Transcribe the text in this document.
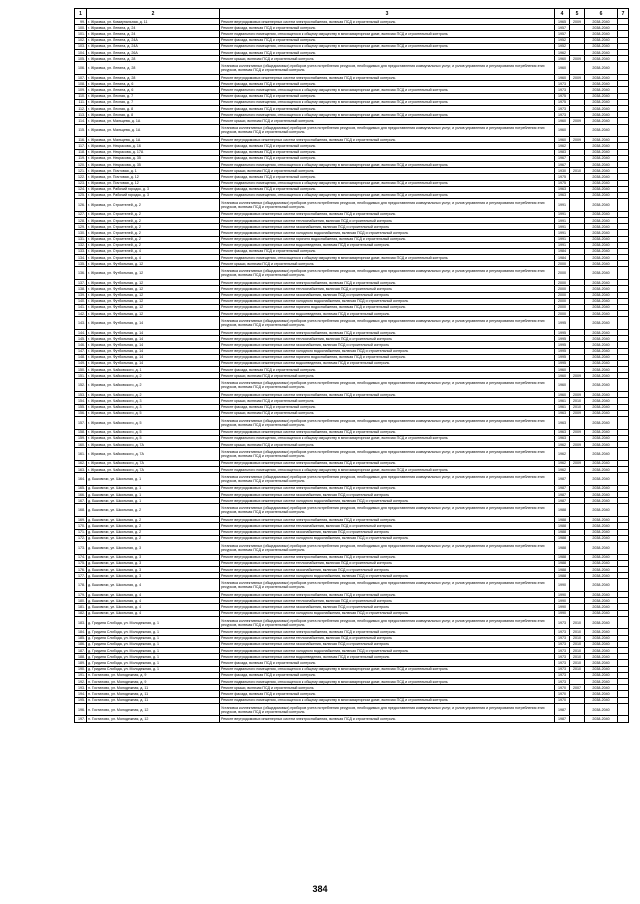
1	2	3	4	5	6	7
99.	г. Жуковка, ул. Коммунальная, д. 11	Ремонт внутридомовых инженерных систем электроснабжения, включая ПСД и строительный контроль	1965	2009	2038-2040	
100.	г. Жуковка, ул. Ленина, д. 24	Ремонт фасада, включая ПСД и строительный контроль	1957		2038-2040	
101.	г. Жуковка, ул. Ленина, д. 24	Ремонт подвального помещения, относящегося к общему имуществу в многоквартирном доме, включая ПСД и строительный контроль	1957		2038-2040	
102.	г. Жуковка, ул. Ленина, д. 24А	Ремонт фасада, включая ПСД и строительный контроль	1952		2038-2040	
103.	г. Жуковка, ул. Ленина, д. 24А	Ремонт подвального помещения, относящегося к общему имуществу в многоквартирном доме, включая ПСД и строительный контроль	1952		2038-2040	
104.	г. Жуковка, ул. Ленина, д. 26А	Ремонт фасада, включая ПСД и строительный контроль	1962		2038-2040	
105.	г. Жуковка, ул. Ленина, д. 28	Ремонт крыши, включая ПСД и строительный контроль	1960	2009	2038-2040	
106.	г. Жуковка, ул. Ленина, д. 28	Установка коллективных (общедомовых) приборов учета потребления ресурсов, необходимых для предоставления коммунальных услуг, и узлов управления и регулирования потребления этих ресурсов, включая ПСД и строительный контроль	1960		2038-2040	
107.	г. Жуковка, ул. Ленина, д. 28	Ремонт внутридомовых инженерных систем электроснабжения, включая ПСД и строительный контроль	1960	2009	2038-2040	
108.	г. Жуковка, ул. Ленина, д. 6	Ремонт фасада, включая ПСД и строительный контроль	1973		2038-2040	
109.	г. Жуковка, ул. Ленина, д. 6	Ремонт подвального помещения, относящегося к общему имуществу в многоквартирном доме, включая ПСД и строительный контроль	1973		2038-2040	
110.	г. Жуковка, ул. Лесная, д. 7	Ремонт фасада, включая ПСД и строительный контроль	1975		2038-2040	
111.	г. Жуковка, ул. Лесная, д. 7	Ремонт подвального помещения, относящегося к общему имуществу в многоквартирном доме, включая ПСД и строительный контроль	1975		2038-2040	
112.	г. Жуковка, ул. Лесная, д. 8	Ремонт фасада, включая ПСД и строительный контроль	1973		2038-2040	
113.	г. Жуковка, ул. Лесная, д. 8	Ремонт подвального помещения, относящегося к общему имуществу в многоквартирном доме, включая ПСД и строительный контроль	1973		2038-2040	
114.	г. Жуковка, ул. Мальцева, д. 1А	Ремонт крыши, включая ПСД и строительный контроль	1960	2009	2038-2040	
115.	г. Жуковка, ул. Мальцева, д. 1А	Установка коллективных (общедомовых) приборов учета потребления ресурсов, необходимых для предоставления коммунальных услуг, и узлов управления и регулирования потребления этих ресурсов, включая ПСД и строительный контроль	1960		2038-2040	
116.	г. Жуковка, ул. Мальцева, д. 1А	Ремонт внутридомовых инженерных систем электроснабжения, включая ПСД и строительный контроль	1960	2009	2038-2040	
117.	г. Жуковка, ул. Некрасова, д. 16	Ремонт фасада, включая ПСД и строительный контроль	1962		2038-2040	
118.	г. Жуковка, ул. Некрасова, д. 17А	Ремонт фасада, включая ПСД и строительный контроль	1983		2038-2040	
119.	г. Жуковка, ул. Некрасова, д. 35	Ремонт фасада, включая ПСД и строительный контроль	1967		2038-2040	
120.	г. Жуковка, ул. Некрасова, д. 35	Ремонт подвального помещения, относящегося к общему имуществу в многоквартирном доме, включая ПСД и строительный контроль	1967		2038-2040	
121.	г. Жуковка, ул. Почтовая, д. 1	Ремонт крыши, включая ПСД и строительный контроль	1930	2010	2038-2040	
122.	г. Жуковка, ул. Почтовая, д. 12	Ремонт фасада, включая ПСД и строительный контроль	1975		2038-2040	
123.	г. Жуковка, ул. Почтовая, д. 12	Ремонт подвального помещения, относящегося к общему имуществу в многоквартирном доме, включая ПСД и строительный контроль	1975		2038-2040	
124.	г. Жуковка, ул. Рабочий городок, д. 3	Ремонт фасада, включая ПСД и строительный контроль	1963		2038-2040	
125.	г. Жуковка, ул. Рабочий городок, д. 3	Ремонт подвального помещения, относящегося к общему имуществу в многоквартирном доме, включая ПСД и строительный контроль	1963		2038-2040	
126.	г. Жуковка, ул. Строителей, д. 2	Установка коллективных (общедомовых) приборов учета потребления ресурсов, необходимых для предоставления коммунальных услуг, и узлов управления и регулирования потребления этих ресурсов, включая ПСД и строительный контроль	1991		2038-2040	
127.	г. Жуковка, ул. Строителей, д. 2	Ремонт внутридомовых инженерных систем электроснабжения, включая ПСД и строительный контроль	1991		2038-2040	
128.	г. Жуковка, ул. Строителей, д. 2	Ремонт внутридомовых инженерных систем теплоснабжения, включая ПСД и строительный контроль	1991		2038-2040	
129.	г. Жуковка, ул. Строителей, д. 2	Ремонт внутридомовых инженерных систем газоснабжения, включая ПСД и строительный контроль	1991		2038-2040	
130.	г. Жуковка, ул. Строителей, д. 2	Ремонт внутридомовых инженерных систем холодного водоснабжения, включая ПСД и строительный контроль	1991		2038-2040	
131.	г. Жуковка, ул. Строителей, д. 2	Ремонт внутридомовых инженерных систем горячего водоснабжения, включая ПСД и строительный контроль	1991		2038-2040	
132.	г. Жуковка, ул. Строителей, д. 2	Ремонт внутридомовых инженерных систем водоотведения, включая ПСД и строительный контроль	1991		2038-2040	
133.	г. Жуковка, ул. Строителей, д. 4	Ремонт фасада, включая ПСД и строительный контроль	1984		2038-2040	
134.	г. Жуковка, ул. Строителей, д. 4	Ремонт подвального помещения, относящегося к общему имуществу в многоквартирном доме, включая ПСД и строительный контроль	1984		2038-2040	
135.	г. Жуковка, ул. Футбольная, д. 12	Ремонт крыши, включая ПСД и строительный контроль	2000		2038-2040	
136.	г. Жуковка, ул. Футбольная, д. 12	Установка коллективных (общедомовых) приборов учета потребления ресурсов, необходимых для предоставления коммунальных услуг, и узлов управления и регулирования потребления этих ресурсов, включая ПСД и строительный контроль	2000		2038-2040	
137.	г. Жуковка, ул. Футбольная, д. 12	Ремонт внутридомовых инженерных систем электроснабжения, включая ПСД и строительный контроль	2000		2038-2040	
138.	г. Жуковка, ул. Футбольная, д. 12	Ремонт внутридомовых инженерных систем теплоснабжения, включая ПСД и строительный контроль	2000		2038-2040	
139.	г. Жуковка, ул. Футбольная, д. 12	Ремонт внутридомовых инженерных систем газоснабжения, включая ПСД и строительный контроль	2000		2038-2040	
140.	г. Жуковка, ул. Футбольная, д. 12	Ремонт внутридомовых инженерных систем холодного водоснабжения, включая ПСД и строительный контроль	2000		2038-2040	
141.	г. Жуковка, ул. Футбольная, д. 12	Ремонт внутридомовых инженерных систем горячего водоснабжения, включая ПСД и строительный контроль	2000		2038-2040	
142.	г. Жуковка, ул. Футбольная, д. 12	Ремонт внутридомовых инженерных систем водоотведения, включая ПСД и строительный контроль	2000		2038-2040	
143.	г. Жуковка, ул. Футбольная, д. 14	Установка коллективных (общедомовых) приборов учета потребления ресурсов, необходимых для предоставления коммунальных услуг, и узлов управления и регулирования потребления этих ресурсов, включая ПСД и строительный контроль	1995		2038-2040	
144.	г. Жуковка, ул. Футбольная, д. 14	Ремонт внутридомовых инженерных систем электроснабжения, включая ПСД и строительный контроль	1995		2038-2040	
145.	г. Жуковка, ул. Футбольная, д. 14	Ремонт внутридомовых инженерных систем теплоснабжения, включая ПСД и строительный контроль	1995		2038-2040	
146.	г. Жуковка, ул. Футбольная, д. 14	Ремонт внутридомовых инженерных систем газоснабжения, включая ПСД и строительный контроль	1995		2038-2040	
147.	г. Жуковка, ул. Футбольная, д. 14	Ремонт внутридомовых инженерных систем холодного водоснабжения, включая ПСД и строительный контроль	1995		2038-2040	
148.	г. Жуковка, ул. Футбольная, д. 14	Ремонт внутридомовых инженерных систем горячего водоснабжения, включая ПСД и строительный контроль	1995		2038-2040	
149.	г. Жуковка, ул. Футбольная, д. 14	Ремонт внутридомовых инженерных систем водоотведения, включая ПСД и строительный контроль	1995		2038-2040	
150.	г. Жуковка, ул. Чайковского, д. 1	Ремонт фасада, включая ПСД и строительный контроль	1960		2038-2040	
151.	г. Жуковка, ул. Чайковского, д. 2	Ремонт крыши, включая ПСД и строительный контроль	1960	2009	2038-2040	
152.	г. Жуковка, ул. Чайковского, д. 2	Установка коллективных (общедомовых) приборов учета потребления ресурсов, необходимых для предоставления коммунальных услуг, и узлов управления и регулирования потребления этих ресурсов, включая ПСД и строительный контроль	1960		2038-2040	
153.	г. Жуковка, ул. Чайковского, д. 2	Ремонт внутридомовых инженерных систем электроснабжения, включая ПСД и строительный контроль	1960	2009	2038-2040	
154.	г. Жуковка, ул. Чайковского, д. 3	Ремонт крыши, включая ПСД и строительный контроль	1961	2010	2038-2040	
155.	г. Жуковка, ул. Чайковского, д. 3	Ремонт фасада, включая ПСД и строительный контроль	1961	2010	2038-2040	
156.	г. Жуковка, ул. Чайковского, д. 5	Ремонт крыши, включая ПСД и строительный контроль	1963	2009	2038-2040	
157.	г. Жуковка, ул. Чайковского, д. 5	Установка коллективных (общедомовых) приборов учета потребления ресурсов, необходимых для предоставления коммунальных услуг, и узлов управления и регулирования потребления этих ресурсов, включая ПСД и строительный контроль	1963		2038-2040	
158.	г. Жуковка, ул. Чайковского, д. 5	Ремонт внутридомовых инженерных систем электроснабжения, включая ПСД и строительный контроль	1963	2009	2038-2040	
159.	г. Жуковка, ул. Чайковского, д. 5	Ремонт подвального помещения, относящегося к общему имуществу в многоквартирном доме, включая ПСД и строительный контроль	1963		2038-2040	
160.	г. Жуковка, ул. Чайковского, д. 7А	Ремонт крыши, включая ПСД и строительный контроль	1962	2009	2038-2040	
161.	г. Жуковка, ул. Чайковского, д. 7А	Установка коллективных (общедомовых) приборов учета потребления ресурсов, необходимых для предоставления коммунальных услуг, и узлов управления и регулирования потребления этих ресурсов, включая ПСД и строительный контроль	1962		2038-2040	
162.	г. Жуковка, ул. Чайковского, д. 7А	Ремонт внутридомовых инженерных систем электроснабжения, включая ПСД и строительный контроль	1962	2009	2038-2040	
163.	г. Жуковка, ул. Чайковского, д. 7А	Ремонт подвального помещения, относящегося к общему имуществу в многоквартирном доме, включая ПСД и строительный контроль	1962		2038-2040	
164.	д. Быковичи, ул. Школьная, д. 1	Установка коллективных (общедомовых) приборов учета потребления ресурсов, необходимых для предоставления коммунальных услуг, и узлов управления и регулирования потребления этих ресурсов, включая ПСД и строительный контроль	1987		2038-2040	
165.	д. Быковичи, ул. Школьная, д. 1	Ремонт внутридомовых инженерных систем электроснабжения, включая ПСД и строительный контроль	1987		2038-2040	
166.	д. Быковичи, ул. Школьная, д. 1	Ремонт внутридомовых инженерных систем газоснабжения, включая ПСД и строительный контроль	1987		2038-2040	
167.	д. Быковичи, ул. Школьная, д. 1	Ремонт внутридомовых инженерных систем холодного водоснабжения, включая ПСД и строительный контроль	1987		2038-2040	
168.	д. Быковичи, ул. Школьная, д. 2	Установка коллективных (общедомовых) приборов учета потребления ресурсов, необходимых для предоставления коммунальных услуг, и узлов управления и регулирования потребления этих ресурсов, включая ПСД и строительный контроль	1988		2038-2040	
169.	д. Быковичи, ул. Школьная, д. 2	Ремонт внутридомовых инженерных систем электроснабжения, включая ПСД и строительный контроль	1988		2038-2040	
170.	д. Быковичи, ул. Школьная, д. 2	Ремонт внутридомовых инженерных систем теплоснабжения, включая ПСД и строительный контроль	1988		2038-2040	
171.	д. Быковичи, ул. Школьная, д. 2	Ремонт внутридомовых инженерных систем газоснабжения, включая ПСД и строительный контроль	1988		2038-2040	
172.	д. Быковичи, ул. Школьная, д. 2	Ремонт внутридомовых инженерных систем холодного водоснабжения, включая ПСД и строительный контроль	1988		2038-2040	
173.	д. Быковичи, ул. Школьная, д. 3	Установка коллективных (общедомовых) приборов учета потребления ресурсов, необходимых для предоставления коммунальных услуг, и узлов управления и регулирования потребления этих ресурсов, включая ПСД и строительный контроль	1988		2038-2040	
174.	д. Быковичи, ул. Школьная, д. 3	Ремонт внутридомовых инженерных систем электроснабжения, включая ПСД и строительный контроль	1988		2038-2040	
175.	д. Быковичи, ул. Школьная, д. 3	Ремонт внутридомовых инженерных систем теплоснабжения, включая ПСД и строительный контроль	1988		2038-2040	
176.	д. Быковичи, ул. Школьная, д. 3	Ремонт внутридомовых инженерных систем газоснабжения, включая ПСД и строительный контроль	1988		2038-2040	
177.	д. Быковичи, ул. Школьная, д. 3	Ремонт внутридомовых инженерных систем холодного водоснабжения, включая ПСД и строительный контроль	1988		2038-2040	
178.	д. Быковичи, ул. Школьная, д. 4	Установка коллективных (общедомовых) приборов учета потребления ресурсов, необходимых для предоставления коммунальных услуг, и узлов управления и регулирования потребления этих ресурсов, включая ПСД и строительный контроль	1990		2038-2040	
179.	д. Быковичи, ул. Школьная, д. 4	Ремонт внутридомовых инженерных систем электроснабжения, включая ПСД и строительный контроль	1990		2038-2040	
180.	д. Быковичи, ул. Школьная, д. 4	Ремонт внутридомовых инженерных систем теплоснабжения, включая ПСД и строительный контроль	1990		2038-2040	
181.	д. Быковичи, ул. Школьная, д. 4	Ремонт внутридомовых инженерных систем газоснабжения, включая ПСД и строительный контроль	1990		2038-2040	
182.	д. Быковичи, ул. Школьная, д. 4	Ремонт внутридомовых инженерных систем холодного водоснабжения, включая ПСД и строительный контроль	1990		2038-2040	
183.	д. Гридина Слобода, ул. Молодежная, д. 1	Установка коллективных (общедомовых) приборов учета потребления ресурсов, необходимых для предоставления коммунальных услуг, и узлов управления и регулирования потребления этих ресурсов, включая ПСД и строительный контроль	1973	2010	2038-2040	
184.	д. Гридина Слобода, ул. Молодежная, д. 1	Ремонт внутридомовых инженерных систем электроснабжения, включая ПСД и строительный контроль	1973	2010	2038-2040	
185.	д. Гридина Слобода, ул. Молодежная, д. 1	Ремонт внутридомовых инженерных систем теплоснабжения, включая ПСД и строительный контроль	1973	2010	2038-2040	
186.	д. Гридина Слобода, ул. Молодежная, д. 1	Ремонт внутридомовых инженерных систем газоснабжения, включая ПСД и строительный контроль	1973	2010	2038-2040	
187.	д. Гридина Слобода, ул. Молодежная, д. 1	Ремонт внутридомовых инженерных систем холодного водоснабжения, включая ПСД и строительный контроль	1973	2010	2038-2040	
188.	д. Гридина Слобода, ул. Молодежная, д. 1	Ремонт внутридомовых инженерных систем водоотведения, включая ПСД и строительный контроль	1973	2010	2038-2040	
189.	д. Гридина Слобода, ул. Молодежная, д. 1	Ремонт фасада, включая ПСД и строительный контроль	1973	2010	2038-2040	
190.	д. Гридина Слобода, ул. Молодежная, д. 1	Ремонт подвального помещения, относящегося к общему имуществу в многоквартирном доме, включая ПСД и строительный контроль	1973	2010	2038-2040	
191.	п. Гостилово, ул. Молодежная, д. 9	Ремонт фасада, включая ПСД и строительный контроль	1973		2038-2040	
192.	п. Гостилово, ул. Молодежная, д. 9	Ремонт подвального помещения, относящегося к общему имуществу в многоквартирном доме, включая ПСД и строительный контроль	1973		2038-2040	
193.	п. Гостилово, ул. Молодежная, д. 11	Ремонт крыши, включая ПСД и строительный контроль	1970	2007	2038-2040	
194.	п. Гостилово, ул. Молодежная, д. 11	Ремонт фасада, включая ПСД и строительный контроль	1970		2038-2040	
195.	п. Гостилово, ул. Молодежная, д. 11	Ремонт подвального помещения, относящегося к общему имуществу в многоквартирном доме, включая ПСД и строительный контроль	1970		2038-2040	
196.	п. Гостилово, ул. Молодежная, д. 12	Установка коллективных (общедомовых) приборов учета потребления ресурсов, необходимых для предоставления коммунальных услуг, и узлов управления и регулирования потребления этих ресурсов, включая ПСД и строительный контроль	1987		2038-2040	
197.	п. Гостилово, ул. Молодежная, д. 12	Ремонт внутридомовых инженерных систем электроснабжения, включая ПСД и строительный контроль	1987		2038-2040	
384
